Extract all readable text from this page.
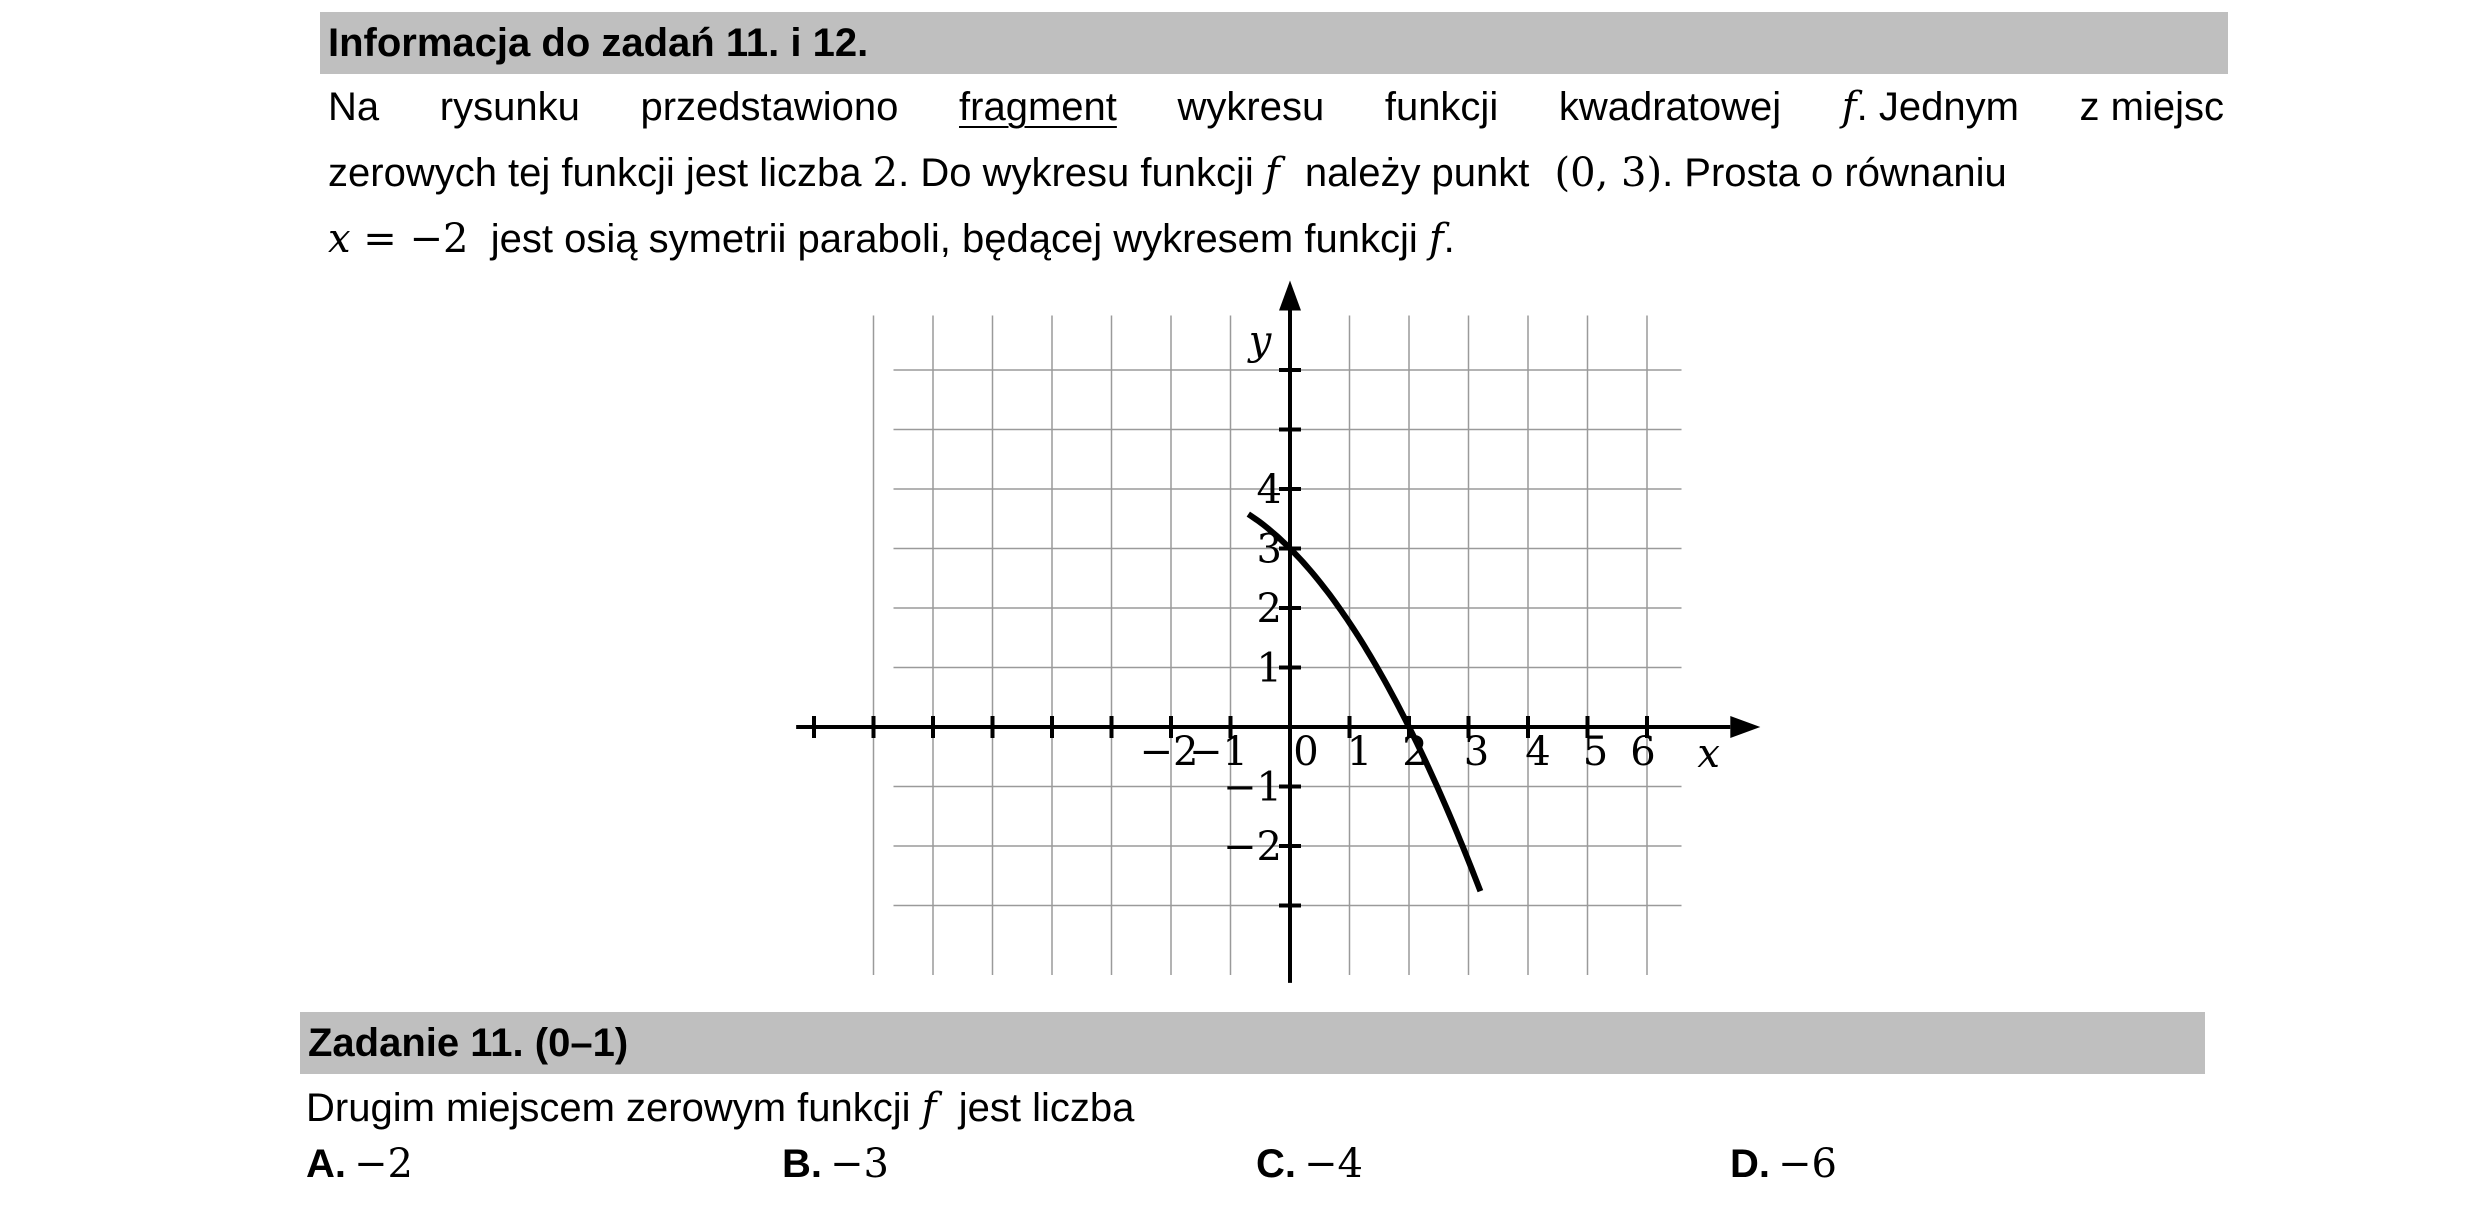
Informacja do zadań 11. i 12.
Na rysunku przedstawiono fragment wykresu funkcji kwadratowej f. Jednym z miejsc
zerowych tej funkcji jest liczba 2 . Do wykresu funkcji f należy punkt (0, 3) . Prosta o równaniu
x = −2 jest osią symetrii paraboli, będącej wykresem funkcji f .
−2
−1 0 1 2 3 4 5 6
4
3
2
1
−1
−2
x
y
Zadanie 11. (0–1)
Drugim miejscem zerowym funkcji f  jest liczba
A. −2	B. −3	C. −4	D. −6
